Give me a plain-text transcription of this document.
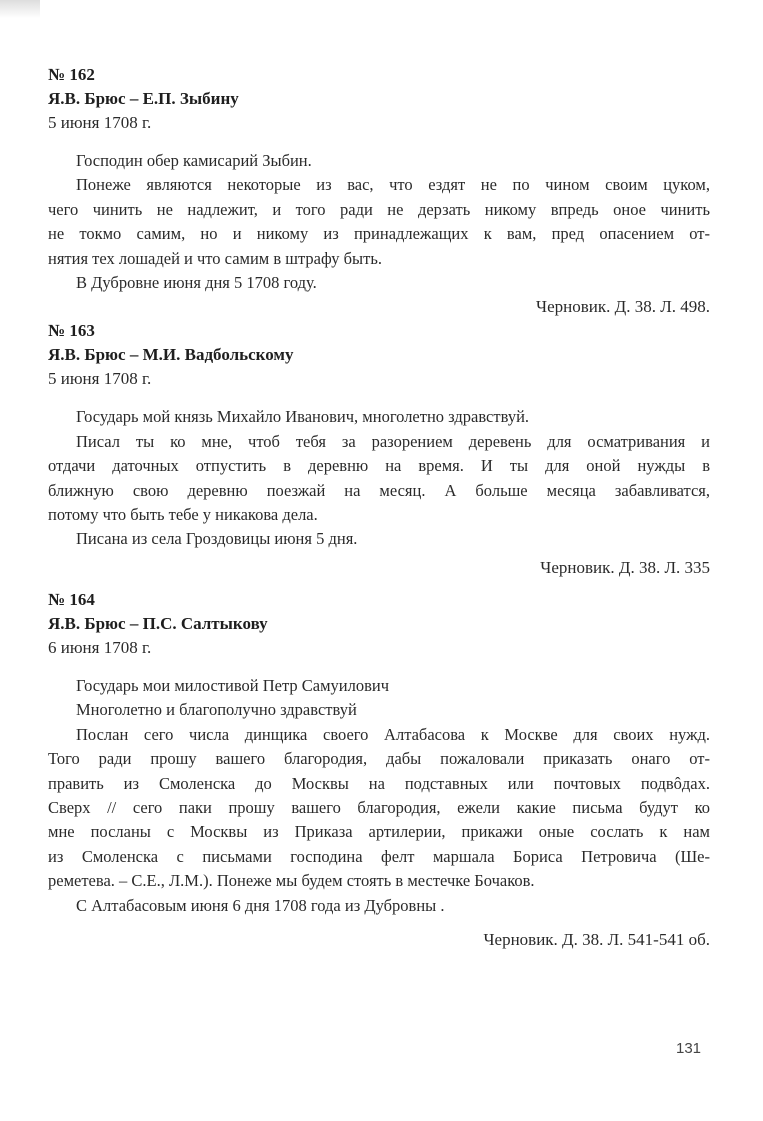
№ 162
Я.В. Брюс – Е.П. Зыбину
5 июня 1708 г.
Господин обер камисарий Зыбин.
Понеже являются некоторые из вас, что ездят не по чином своим цуком,
чего чинить не надлежит, и того ради не дерзать никому впредь оное чинить
не токмо самим, но и никому из принадлежащих к вам, пред опасением от-
нятия тех лошадей и что самим в штрафу быть.
В Дубровне июня дня 5 1708 году.
Черновик. Д. 38. Л. 498.
№ 163
Я.В. Брюс – М.И. Вадбольскому
5 июня 1708 г.
Государь мой князь Михайло Иванович, многолетно здравствуй.
Писал ты ко мне, чтоб тебя за разорением деревень для осматривания и
отдачи даточных отпустить в деревню на время. И ты для оной нужды в
ближную свою деревню поезжай на месяц. А больше месяца забавливатся,
потому что быть тебе у никакова дела.
Писана из села Гроздовицы июня 5 дня.
Черновик. Д. 38. Л. 335
№ 164
Я.В. Брюс – П.С. Салтыкову
6 июня 1708 г.
Государь мои милостивой Петр Самуилович
Многолетно и благополучно здравствуй
Послан сего числа динщика своего Алтабасова к Москве для своих нужд.
Того ради прошу вашего благородия, дабы пожаловали приказать онаго от-
править из Смоленска до Москвы на подставных или почтовых подвôдах.
Сверх // сего паки прошу вашего благородия, ежели какие письма будут ко
мне посланы с Москвы из Приказа артилерии, прикажи оные сослать к нам
из Смоленска с письмами господина фелт маршала Бориса Петровича (Ше-
реметева. – С.Е., Л.М.). Понеже мы будем стоять в местечке Бочаков.
С Алтабасовым июня 6 дня 1708 года из Дубровны .
Черновик. Д. 38. Л. 541-541 об.
131
